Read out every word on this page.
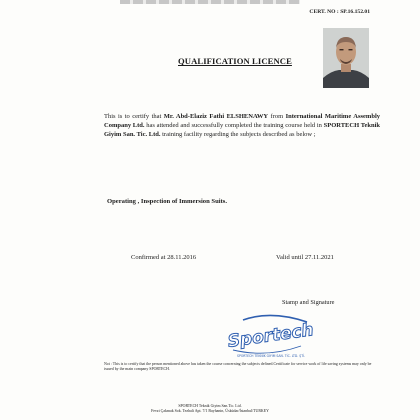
CERT. NO : SP.16.152.01
QUALIFICATION LICENCE
This is to certify that Mr. Abd-Elaziz Fathi ELSHENAWY from International Maritime Assembly Company Ltd. has attended and successfully completed the training course held in SPORTECH Teknik Giyim San. Tic. Ltd. training facility regarding the subjects described as below ;
Operating , Inspection of Immersion Suits.
Confirmed at 28.11.2016	Valid until 27.11.2021
Stamp and Signature
Sportech
SPORTECH TEKNİK GİYİM SAN. TİC. LTD. ŞTİ.
Not : This is to certify that the person mentioned above has taken the course concerning the subjects defined.Certificate for service work of life saving systems may only be issued by the main company SPORTECH.
SPORTECH Teknik Giyim San.Tic. Ltd.
Fevzi Çakmak Sok. Tezhali Apt. 7/1 Bayhanin, Üsküdar/İstanbul/TURKEY
